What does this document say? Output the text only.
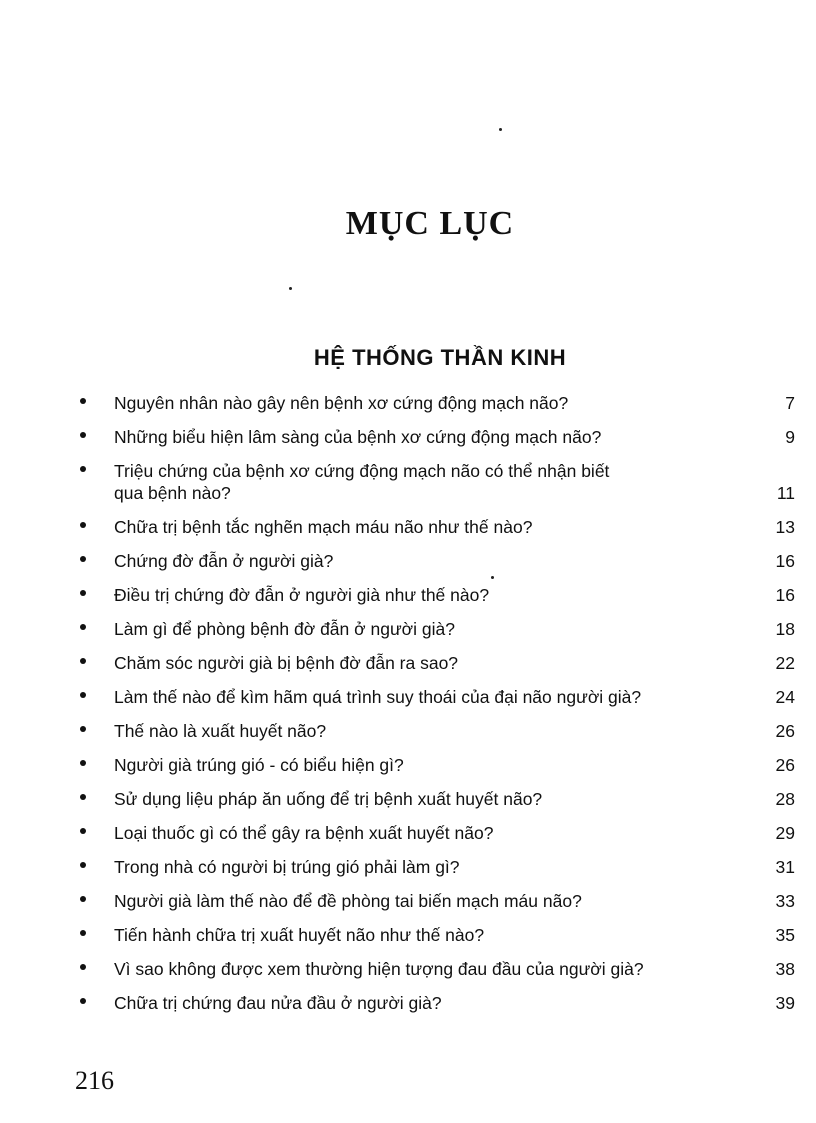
MỤC LỤC
HỆ THỐNG THẦN KINH
Nguyên nhân nào gây nên bệnh xơ cứng động mạch não?	7
Những biểu hiện lâm sàng của bệnh xơ cứng động mạch não?	9
Triệu chứng của bệnh xơ cứng động mạch não có thể nhận biết
qua bệnh nào?	11
Chữa trị bệnh tắc nghẽn mạch máu não như thế nào?	13
Chứng đờ đẫn ở người già?	16
Điều trị chứng đờ đẫn ở người già như thế nào?	16
Làm gì để phòng bệnh đờ đẫn ở người già?	18
Chăm sóc người già bị bệnh đờ đẫn ra sao?	22
Làm thế nào để kìm hãm quá trình suy thoái của đại não người già?	24
Thế nào là xuất huyết não?	26
Người già trúng gió - có biểu hiện gì?	26
Sử dụng liệu pháp ăn uống để trị bệnh xuất huyết não?	28
Loại thuốc gì có thể gây ra bệnh xuất huyết não?	29
Trong nhà có người bị trúng gió phải làm gì?	31
Người già làm thế nào để đề phòng tai biến mạch máu não?	33
Tiến hành chữa trị xuất huyết não như thế nào?	35
Vì sao không được xem thường hiện tượng đau đầu của người già?	38
Chữa trị chứng đau nửa đầu ở người già?	39

216
